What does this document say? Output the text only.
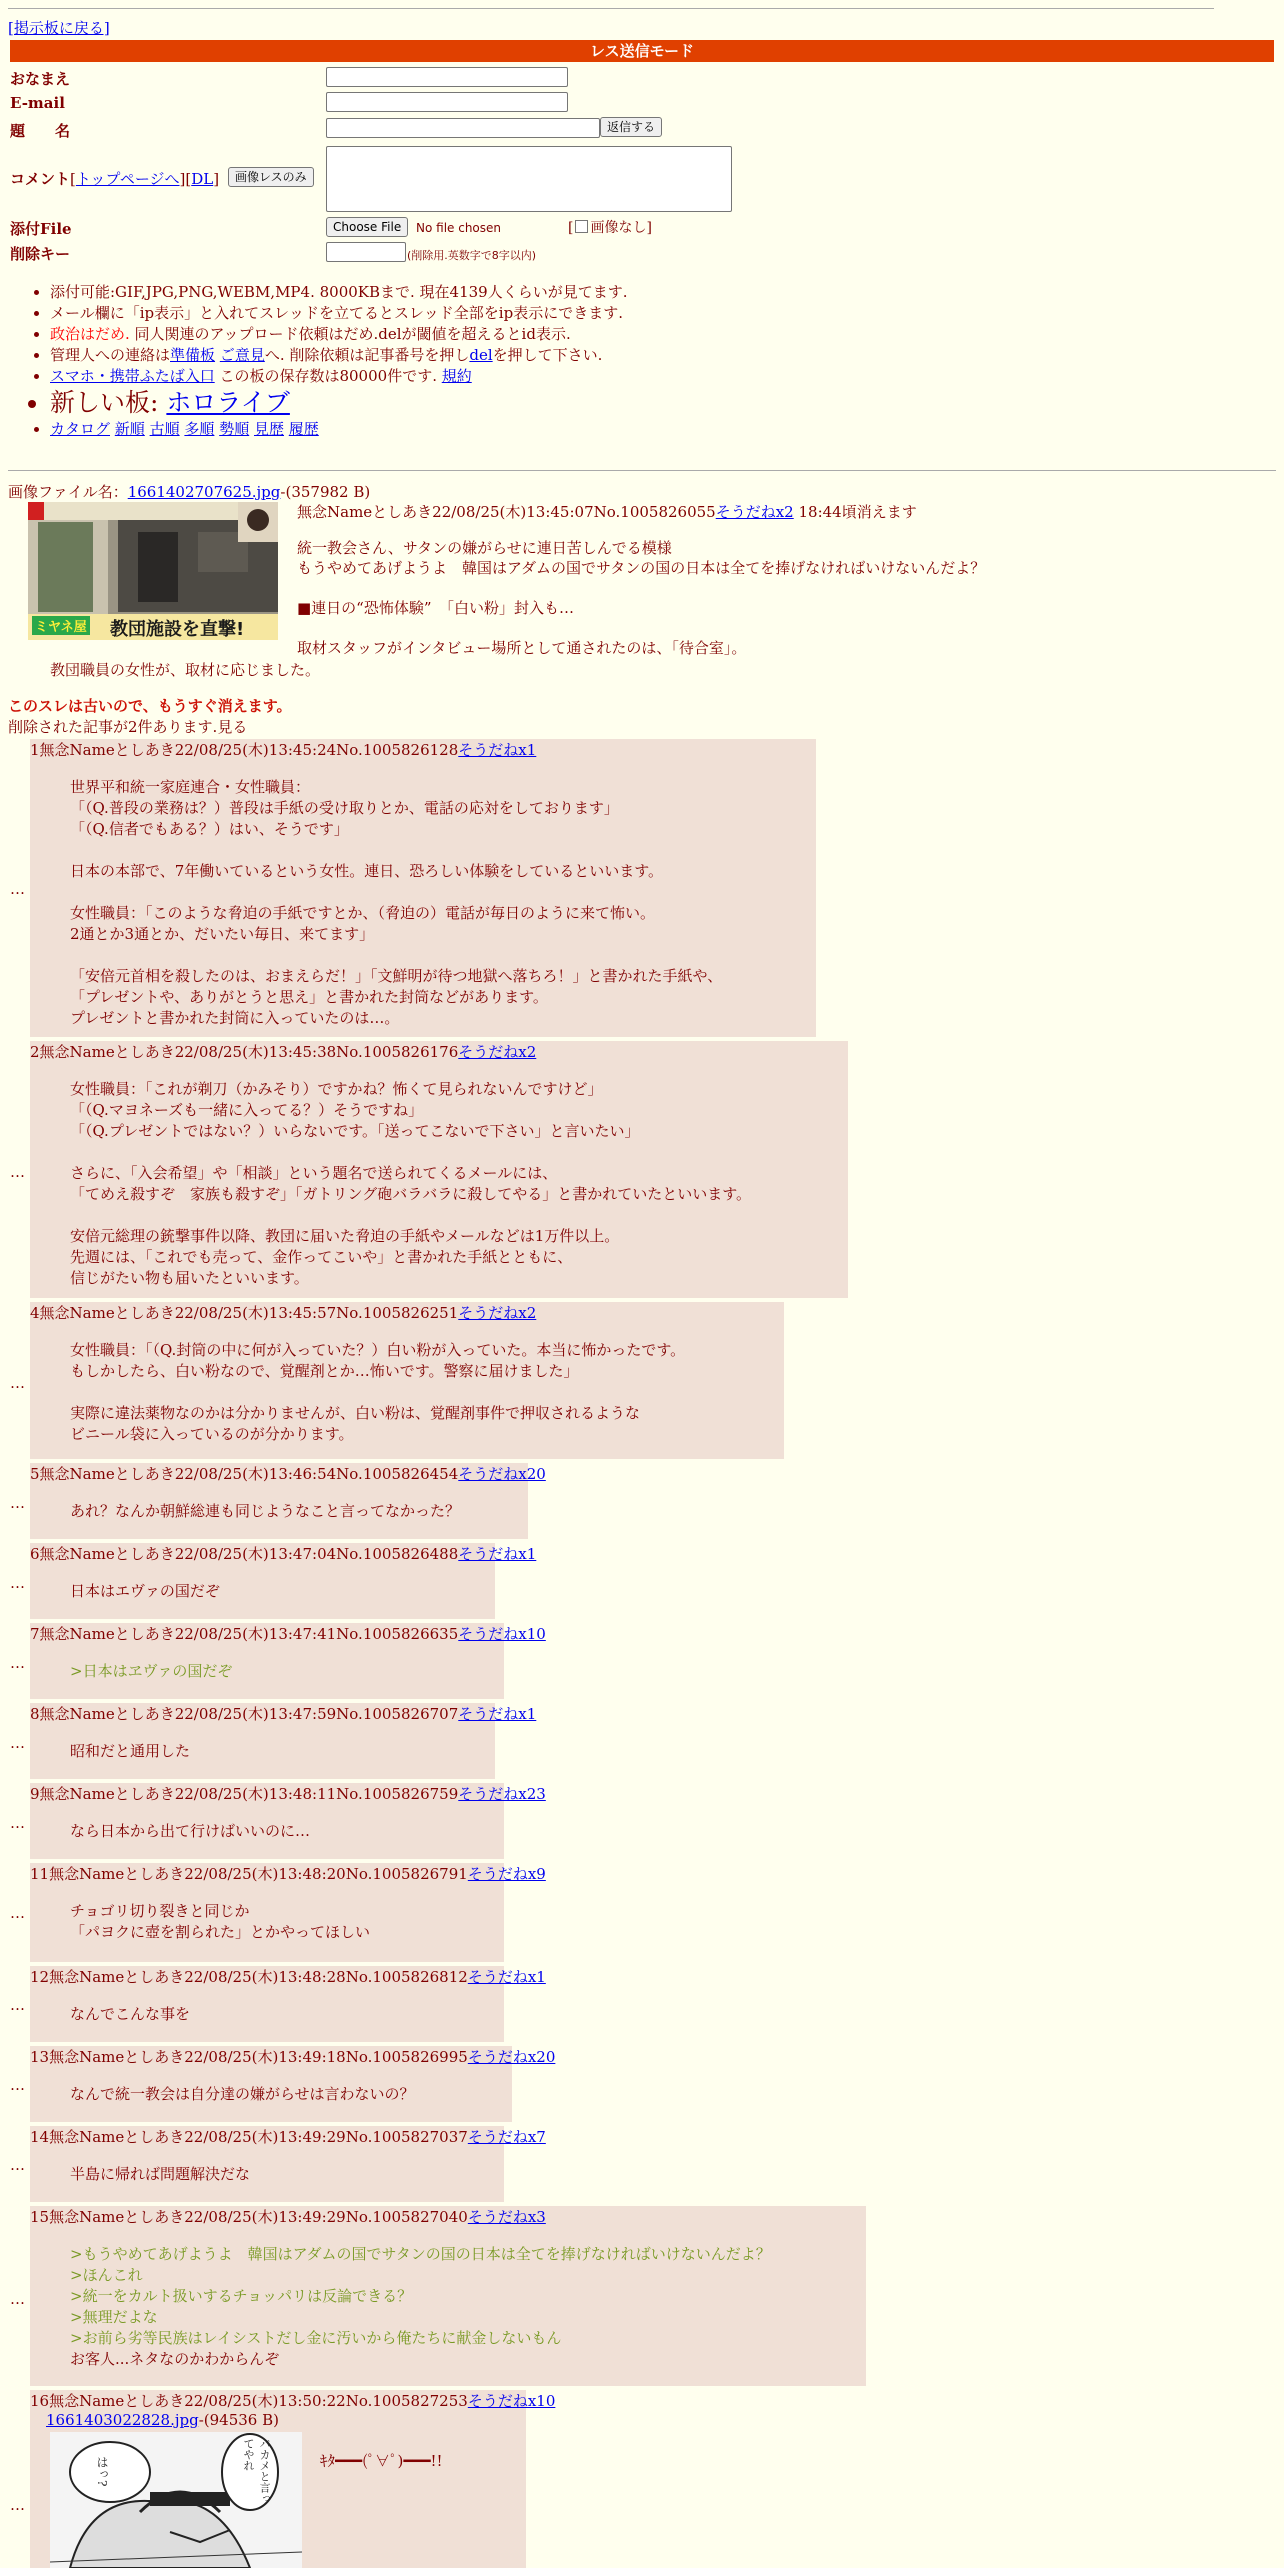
[掲示板に戻る]
レス送信モード
おなまえ
E-mail
題　　名	返信する
コメント[トップページへ][DL]	画像レスのみ
添付File	Choose File	No file chosen	[ 画像なし]
削除キー	(削除用.英数字で8字以内)
• 添付可能:GIF,JPG,PNG,WEBM,MP4. 8000KBまで. 現在4139人くらいが見てます.
• メール欄に「ip表示」と入れてスレッドを立てるとスレッド全部をip表示にできます.
• 政治はだめ. 同人関連のアップロード依頼はだめ.delが閾値を超えるとid表示.
• 管理人への連絡は準備板 ご意見へ. 削除依頼は記事番号を押しdelを押して下さい.
• スマホ・携帯ふたば入口 この板の保存数は80000件です. 規約
• 新しい板: ホロライブ
• カタログ 新順 古順 多順 勢順 見歴 履歴
画像ファイル名：1661402707625.jpg-(357982 B)
ミヤネ屋 教団施設を直撃!
無念Nameとしあき22/08/25(木)13:45:07No.1005826055そうだねx2 18:44頃消えます
統一教会さん、サタンの嫌がらせに連日苦しんでる模様
もうやめてあげようよ　韓国はアダムの国でサタンの国の日本は全てを捧げなければいけないんだよ？

■連日の“恐怖体験”　「白い粉」封入も…

取材スタッフがインタビュー場所として通されたのは、「待合室」。
教団職員の女性が、取材に応じました。
このスレは古いので、もうすぐ消えます。
削除された記事が2件あります.見る
…
1無念Nameとしあき22/08/25(木)13:45:24No.1005826128そうだねx1
世界平和統一家庭連合・女性職員：
「（Q.普段の業務は？）普段は手紙の受け取りとか、電話の応対をしております」
「（Q.信者でもある？）はい、そうです」

日本の本部で、7年働いているという女性。連日、恐ろしい体験をしているといいます。

女性職員：「このような脅迫の手紙ですとか、（脅迫の）電話が毎日のように来て怖い。
2通とか3通とか、だいたい毎日、来てます」

「安倍元首相を殺したのは、おまえらだ！」「文鮮明が待つ地獄へ落ちろ！」と書かれた手紙や、
「プレゼントや、ありがとうと思え」と書かれた封筒などがあります。
プレゼントと書かれた封筒に入っていたのは…。
…
2無念Nameとしあき22/08/25(木)13:45:38No.1005826176そうだねx2
女性職員：「これが剃刀（かみそり）ですかね？怖くて見られないんですけど」
「（Q.マヨネーズも一緒に入ってる？）そうですね」
「（Q.プレゼントではない？）いらないです。「送ってこないで下さい」と言いたい」

さらに、「入会希望」や「相談」という題名で送られてくるメールには、
「てめえ殺すぞ　家族も殺すぞ」「ガトリング砲バラバラに殺してやる」と書かれていたといいます。

安倍元総理の銃撃事件以降、教団に届いた脅迫の手紙やメールなどは1万件以上。
先週には、「これでも売って、金作ってこいや」と書かれた手紙とともに、
信じがたい物も届いたといいます。
…
4無念Nameとしあき22/08/25(木)13:45:57No.1005826251そうだねx2
女性職員：「（Q.封筒の中に何が入っていた？）白い粉が入っていた。本当に怖かったです。
もしかしたら、白い粉なので、覚醒剤とか…怖いです。警察に届けました」

実際に違法薬物なのかは分かりませんが、白い粉は、覚醒剤事件で押収されるような
ビニール袋に入っているのが分かります。
…
5無念Nameとしあき22/08/25(木)13:46:54No.1005826454そうだねx20
あれ？なんか朝鮮総連も同じようなこと言ってなかった？
…
6無念Nameとしあき22/08/25(木)13:47:04No.1005826488そうだねx1
日本はエヴァの国だぞ
…
7無念Nameとしあき22/08/25(木)13:47:41No.1005826635そうだねx10
>日本はヱヴァの国だぞ
…
8無念Nameとしあき22/08/25(木)13:47:59No.1005826707そうだねx1
昭和だと通用した
…
9無念Nameとしあき22/08/25(木)13:48:11No.1005826759そうだねx23
なら日本から出て行けばいいのに…
…
11無念Nameとしあき22/08/25(木)13:48:20No.1005826791そうだねx9
チョゴリ切り裂きと同じか
「パヨクに壺を割られた」とかやってほしい
…
12無念Nameとしあき22/08/25(木)13:48:28No.1005826812そうだねx1
なんでこんな事を
…
13無念Nameとしあき22/08/25(木)13:49:18No.1005826995そうだねx20
なんで統一教会は自分達の嫌がらせは言わないの？
…
14無念Nameとしあき22/08/25(木)13:49:29No.1005827037そうだねx7
半島に帰れば問題解決だな
…
15無念Nameとしあき22/08/25(木)13:49:29No.1005827040そうだねx3
>もうやめてあげようよ　韓国はアダムの国でサタンの国の日本は全てを捧げなければいけないんだよ？
>ほんこれ
>統一をカルト扱いするチョッパリは反論できる？
>無理だよな
>お前ら劣等民族はレイシストだし金に汚いから俺たちに献金しないもん
お客人...ネタなのかわからんぞ
…
16無念Nameとしあき22/08/25(木)13:50:22No.1005827253そうだねx10
1661403022828.jpg-(94536 B)
はっ?	バカメと言ってやれ	ｷﾀ━━━(ﾟ∀ﾟ)━━━!!
